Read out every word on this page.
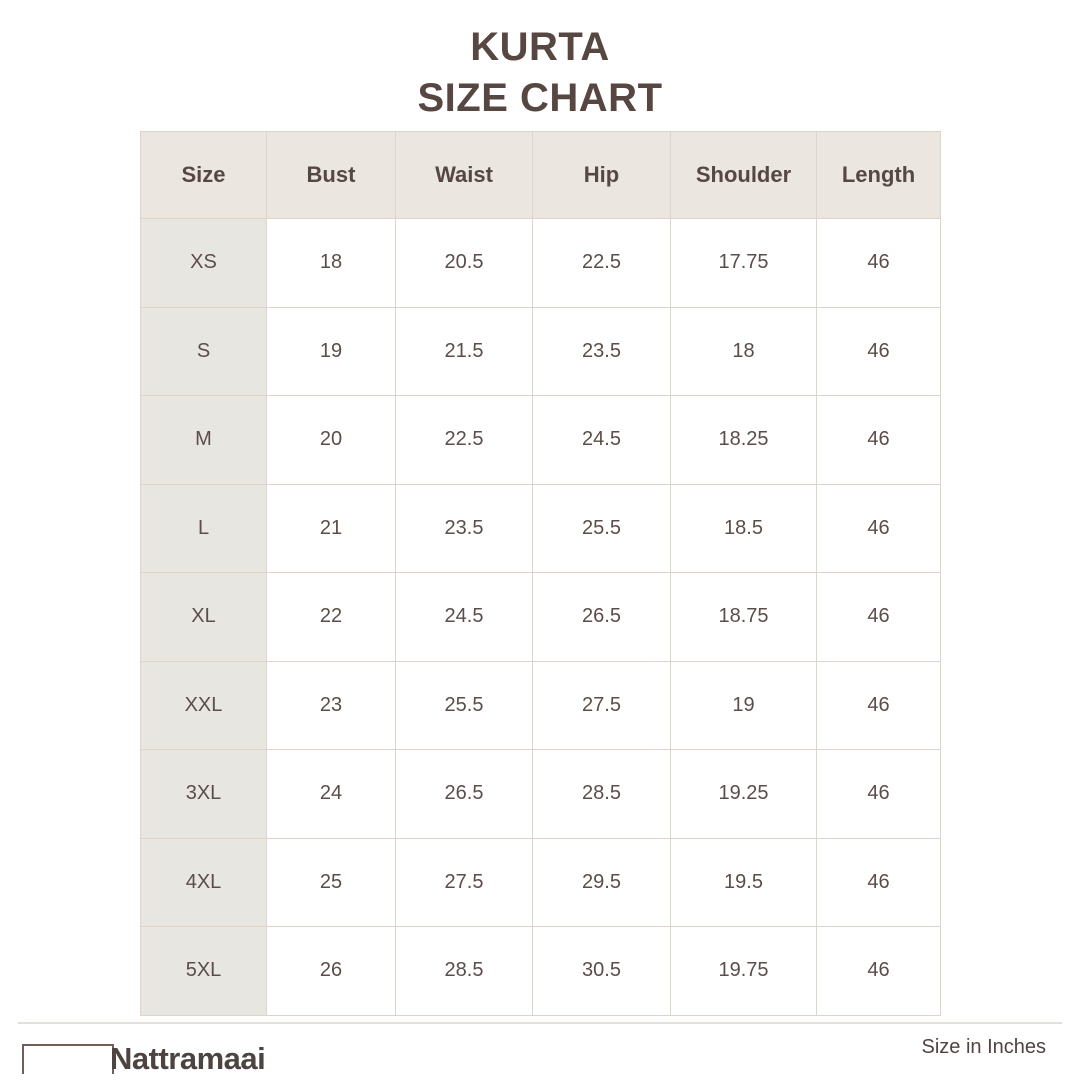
KURTA
SIZE CHART
Size	Bust	Waist	Hip	Shoulder	Length
XS	18	20.5	22.5	17.75	46
S	19	21.5	23.5	18	46
M	20	22.5	24.5	18.25	46
L	21	23.5	25.5	18.5	46
XL	22	24.5	26.5	18.75	46
XXL	23	25.5	27.5	19	46
3XL	24	26.5	28.5	19.25	46
4XL	25	27.5	29.5	19.5	46
5XL	26	28.5	30.5	19.75	46
Nattramaai	Size in Inches
